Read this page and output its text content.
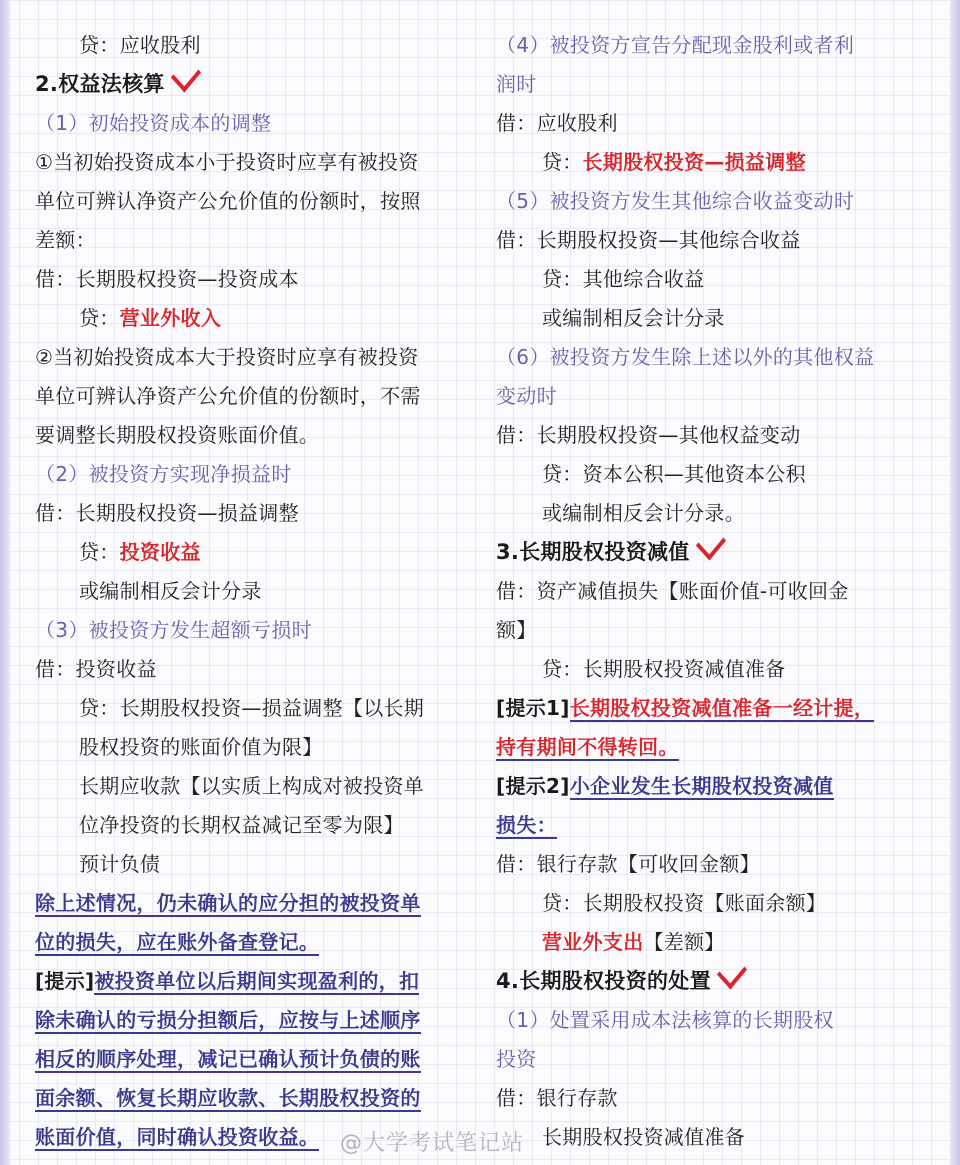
贷：应收股利
2.权益法核算
（1）初始投资成本的调整
①当初始投资成本小于投资时应享有被投资
单位可辨认净资产公允价值的份额时，按照
差额：
借：长期股权投资—投资成本
贷：营业外收入
②当初始投资成本大于投资时应享有被投资
单位可辨认净资产公允价值的份额时，不需
要调整长期股权投资账面价值。
（2）被投资方实现净损益时
借：长期股权投资—损益调整
贷：投资收益
或编制相反会计分录
（3）被投资方发生超额亏损时
借：投资收益
贷：长期股权投资—损益调整【以长期
股权投资的账面价值为限】
长期应收款【以实质上构成对被投资单
位净投资的长期权益减记至零为限】
预计负债
除上述情况，仍未确认的应分担的被投资单
位的损失，应在账外备查登记。
[提示]被投资单位以后期间实现盈利的，扣
除未确认的亏损分担额后，应按与上述顺序
相反的顺序处理，减记已确认预计负债的账
面余额、恢复长期应收款、长期股权投资的
账面价值，同时确认投资收益。
（4）被投资方宣告分配现金股利或者利
润时
借：应收股利
贷：长期股权投资—损益调整
（5）被投资方发生其他综合收益变动时
借：长期股权投资—其他综合收益
贷：其他综合收益
或编制相反会计分录
（6）被投资方发生除上述以外的其他权益
变动时
借：长期股权投资—其他权益变动
贷：资本公积—其他资本公积
或编制相反会计分录。
3.长期股权投资减值
借：资产减值损失【账面价值-可收回金
额】
贷：长期股权投资减值准备
[提示1]长期股权投资减值准备一经计提，
持有期间不得转回。
[提示2]小企业发生长期股权投资减值
损失：
借：银行存款【可收回金额】
贷：长期股权投资【账面余额】
营业外支出【差额】
4.长期股权投资的处置
（1）处置采用成本法核算的长期股权
投资
借：银行存款
长期股权投资减值准备
@大学考试笔记站
